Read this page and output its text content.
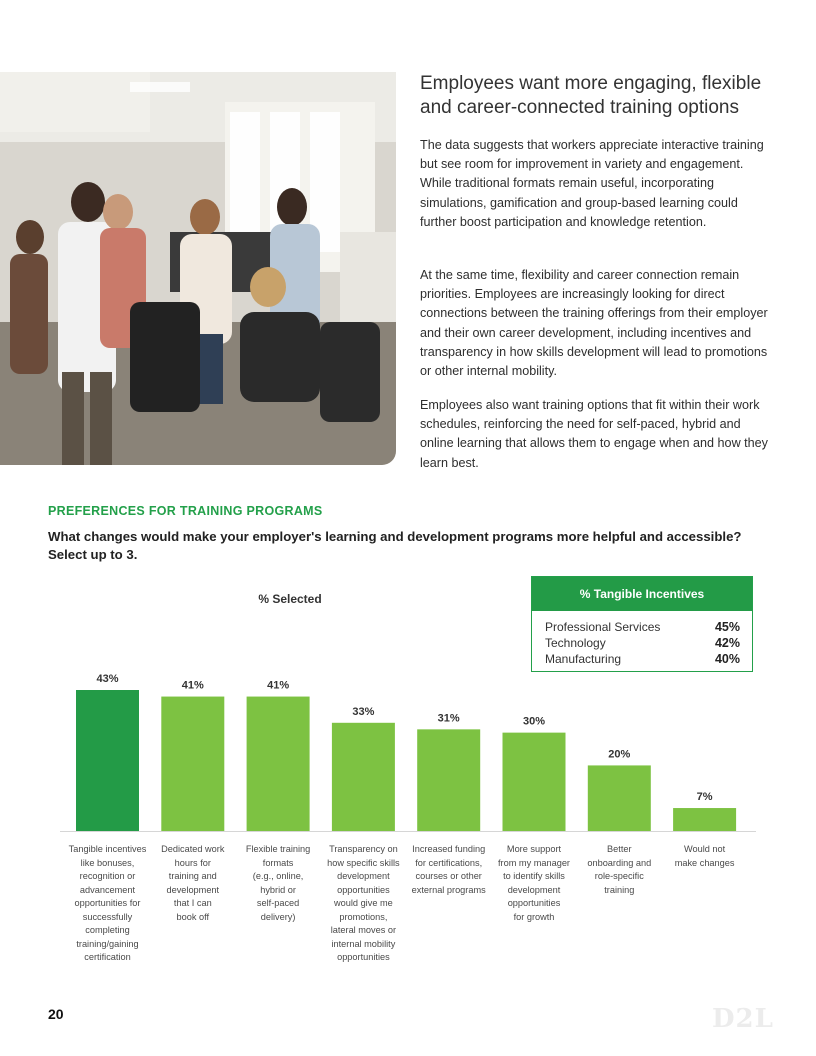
Employees want more engaging, flexible and career-connected training options

The data suggests that workers appreciate interactive training but see room for improvement in variety and engagement. While traditional formats remain useful, incorporating simulations, gamification and group-based learning could further boost participation and knowledge retention.

At the same time, flexibility and career connection remain priorities. Employees are increasingly looking for direct connections between the training offerings from their employer and their own career development, including incentives and transparency in how skills development will lead to promotions or other internal mobility.

Employees also want training options that fit within their work schedules, reinforcing the need for self-paced, hybrid and online learning that allows them to engage when and how they learn best.

PREFERENCES FOR TRAINING PROGRAMS

What changes would make your employer's learning and development programs more helpful and accessible? Select up to 3.

% Selected	% Tangible Incentives
Professional Services	45%
Technology	42%
Manufacturing	40%
43%
41%	41%
33%
31%	30%
20%
7%
Tangible incentives
like bonuses,
recognition or
advancement
opportunities for
successfully
completing
training/gaining
certification
Dedicated work
hours for
training and
development
that I can
book off
Flexible training
formats
(e.g., online,
hybrid or
self-paced
delivery)
Transparency on
how specific skills
development
opportunities
would give me
promotions,
lateral moves or
internal mobility
opportunities
Increased funding
for certifications,
courses or other
external programs
More support
from my manager
to identify skills
development
opportunities
for growth
Better
onboarding and
role-specific
training
Would not
make changes
20	D2L
